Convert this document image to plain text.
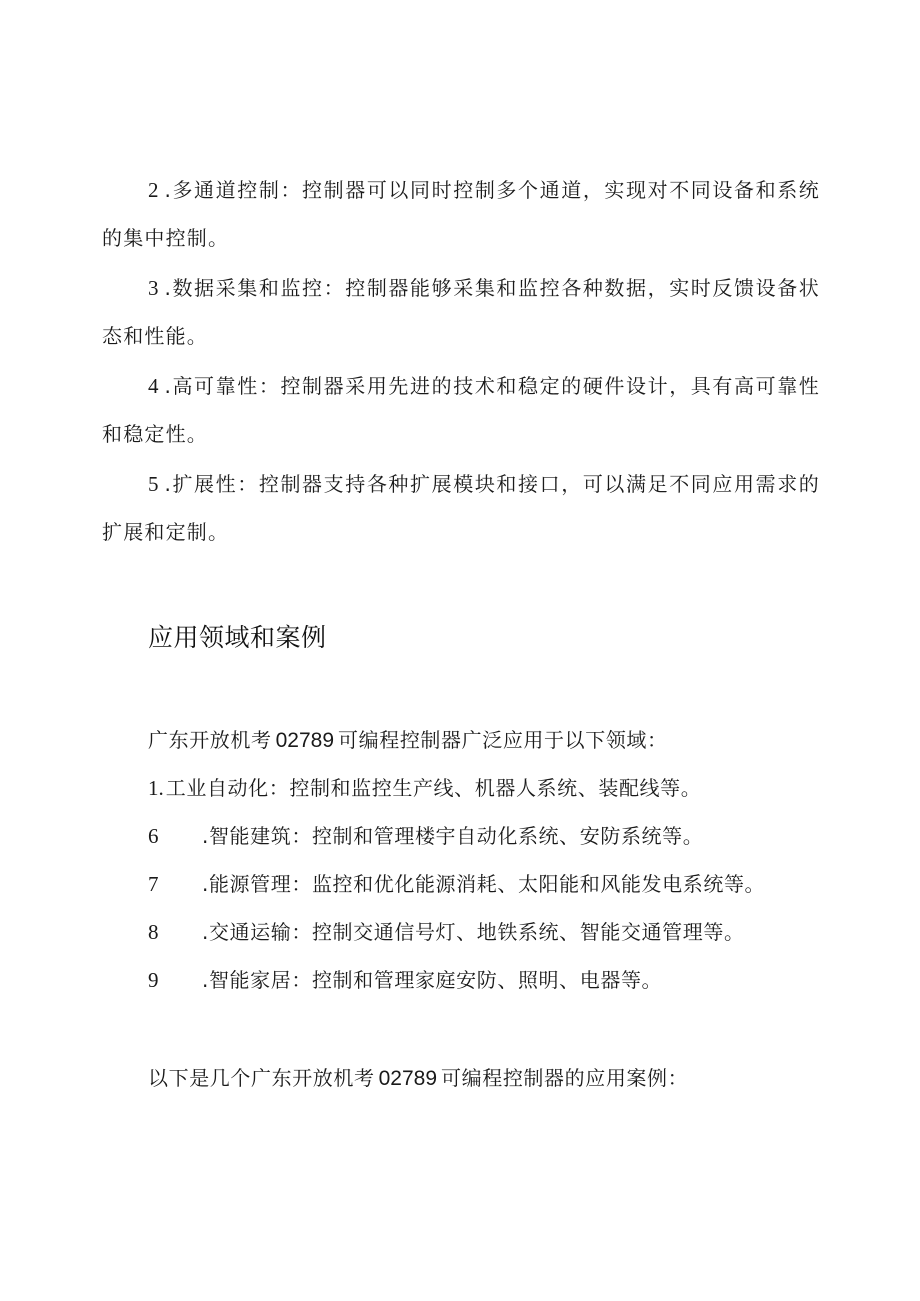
2 .多通道控制：控制器可以同时控制多个通道，实现对不同设备和系统的集中控制。

3 .数据采集和监控：控制器能够采集和监控各种数据，实时反馈设备状态和性能。

4 .高可靠性：控制器采用先进的技术和稳定的硬件设计，具有高可靠性和稳定性。

5 .扩展性：控制器支持各种扩展模块和接口，可以满足不同应用需求的扩展和定制。

应用领域和案例

广东开放机考 02789 可编程控制器广泛应用于以下领域：

1. 工业自动化：控制和监控生产线、机器人系统、装配线等。

6 .智能建筑：控制和管理楼宇自动化系统、安防系统等。

7 .能源管理：监控和优化能源消耗、太阳能和风能发电系统等。

8 .交通运输：控制交通信号灯、地铁系统、智能交通管理等。

9 .智能家居：控制和管理家庭安防、照明、电器等。

以下是几个广东开放机考 02789 可编程控制器的应用案例：
